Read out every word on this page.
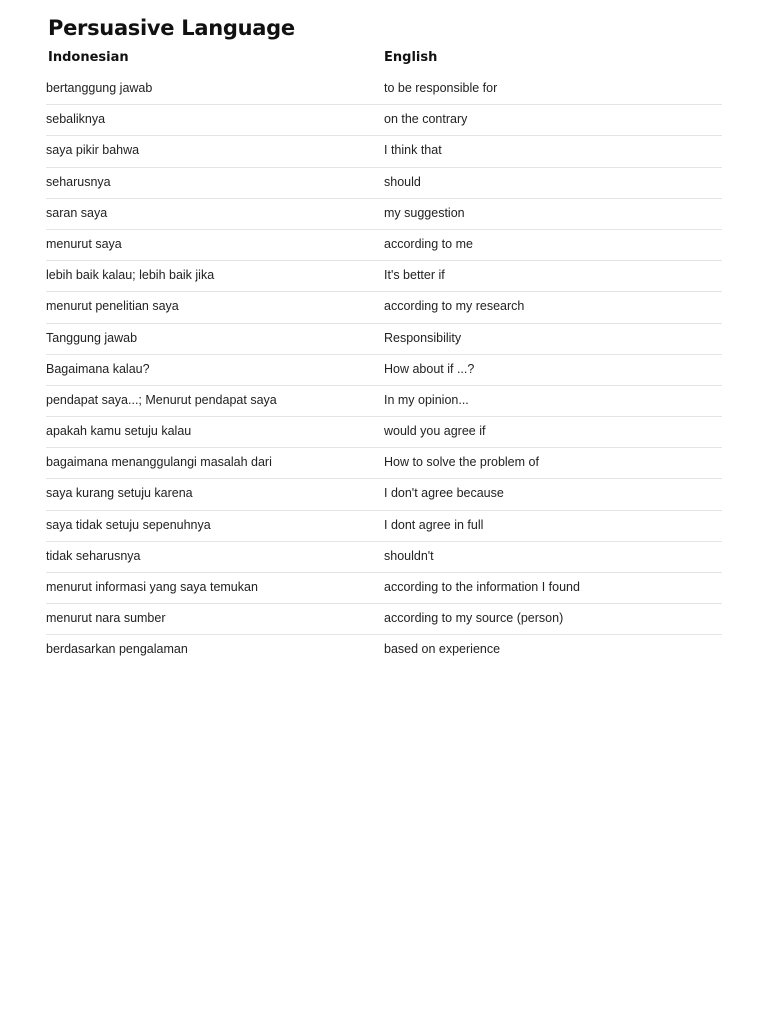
Persuasive Language
Indonesian	English
bertanggung jawab	to be responsible for
sebaliknya	on the contrary
saya pikir bahwa	I think that
seharusnya	should
saran saya	my suggestion
menurut saya	according to me
lebih baik kalau; lebih baik jika	It's better if
menurut penelitian saya	according to my research
Tanggung jawab	Responsibility
Bagaimana kalau?	How about if ...?
pendapat saya...; Menurut pendapat saya	In my opinion...
apakah kamu setuju kalau	would you agree if
bagaimana menanggulangi masalah dari	How to solve the problem of
saya kurang setuju karena	I don't agree because
saya tidak setuju sepenuhnya	I dont agree in full
tidak seharusnya	shouldn't
menurut informasi yang saya temukan	according to the information I found
menurut nara sumber	according to my source (person)
berdasarkan pengalaman	based on experience
